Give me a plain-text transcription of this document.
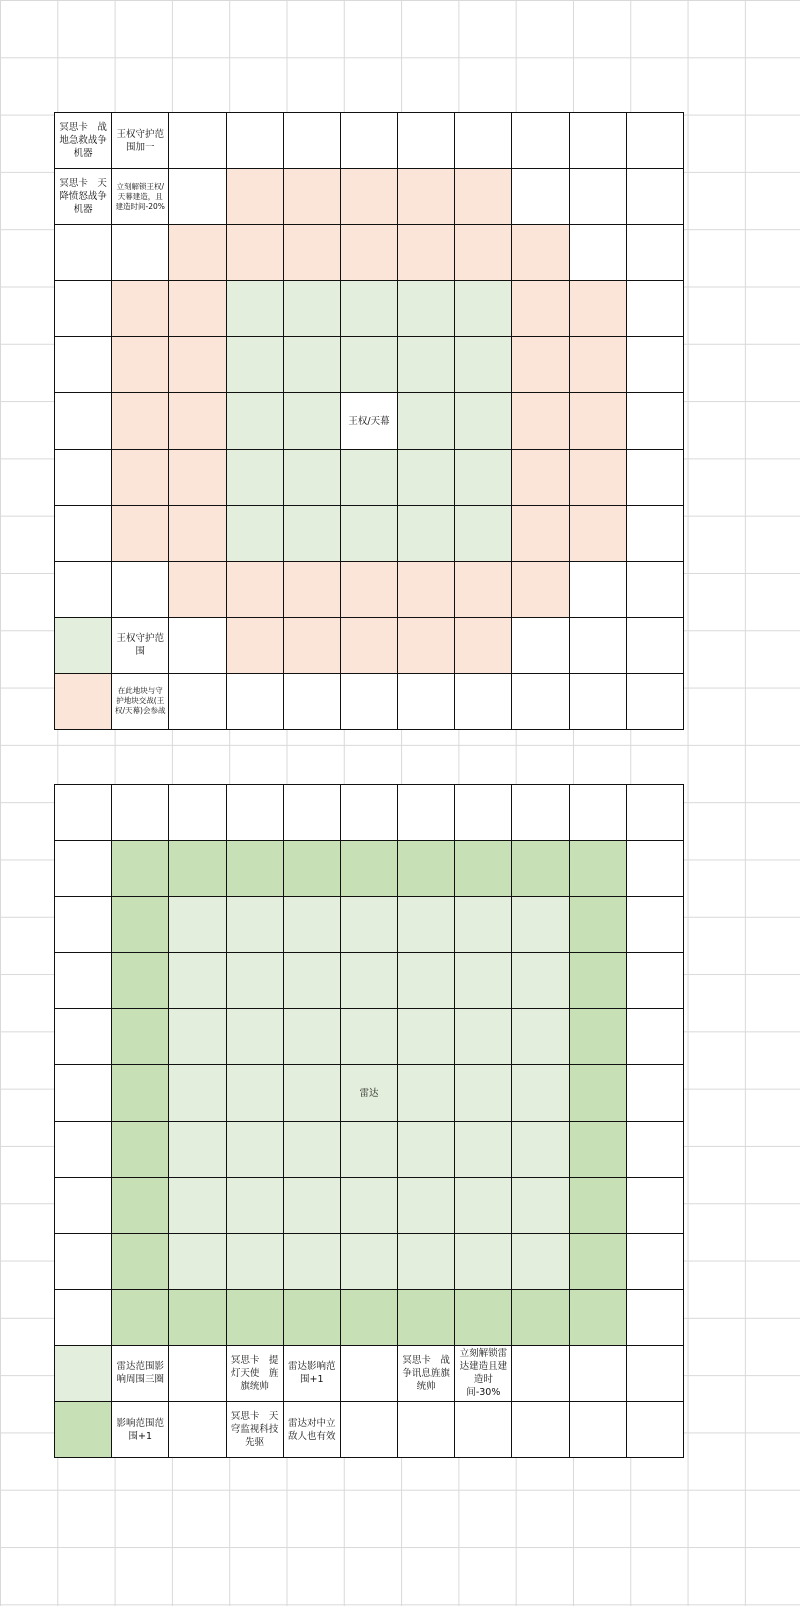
冥思卡　战地急救战争机器
王权守护范围加一
冥思卡　天降愤怒战争机器
立刻解锁王权/天幕建造，且建造时间-20%
王权/天幕
王权守护范围
在此地块与守护地块交战(王权/天幕)会参战
雷达
雷达范围影响周围三圈
冥思卡　提灯天使　旌旗统帅
雷达影响范围+1
冥思卡　战争讯息旌旗统帅
立刻解锁雷达建造且建造时间-30%
影响范围范围+1
冥思卡　天穹监视科技先驱
雷达对中立敌人也有效
